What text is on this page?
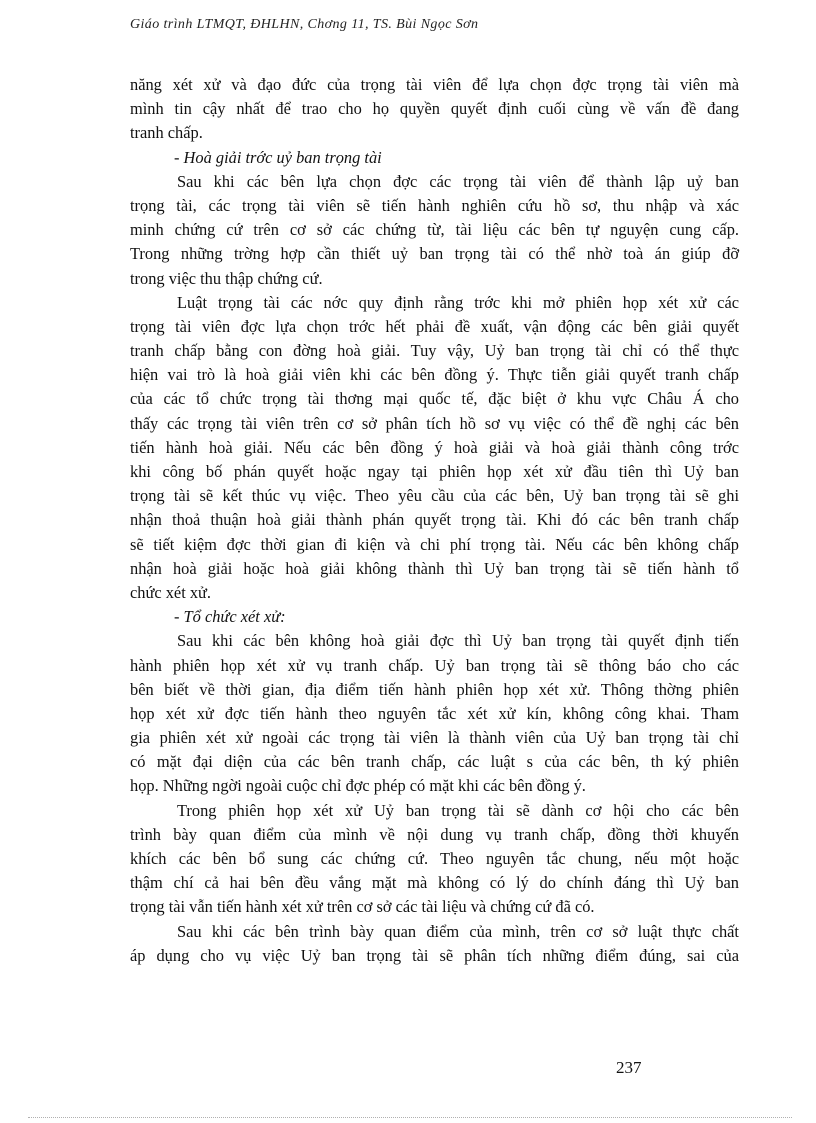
Giáo trình LTMQT, ĐHLHN, Chơng 11, TS. Bùi Ngọc Sơn
năng xét xử và đạo đức của trọng tài viên để lựa chọn đợc trọng tài viên mà
mình tin cậy nhất để trao cho họ quyền quyết định cuối cùng về vấn đề đang
tranh chấp.
- Hoà giải trớc uỷ ban trọng tài
Sau khi các bên lựa chọn đợc các trọng tài viên để thành lập uỷ ban
trọng tài, các trọng tài viên sẽ tiến hành nghiên cứu hồ sơ, thu nhập và xác
minh chứng cứ trên cơ sở các chứng từ, tài liệu các bên tự nguyện cung cấp.
Trong những trờng hợp cần thiết uỷ ban trọng tài có thể nhờ toà án giúp đỡ
trong việc thu thập chứng cứ.
Luật trọng tài các nớc quy định rằng trớc khi mở phiên họp xét xử các
trọng tài viên đợc lựa chọn trớc hết phải đề xuất, vận động các bên giải quyết
tranh chấp bằng con đờng hoà giải. Tuy vậy, Uỷ ban trọng tài chỉ có thể thực
hiện vai trò là hoà giải viên khi các bên đồng ý. Thực tiễn giải quyết tranh chấp
của các tổ chức trọng tài thơng mại quốc tế, đặc biệt ở khu vực Châu Á cho
thấy các trọng tài viên trên cơ sở phân tích hồ sơ vụ việc có thể đề nghị các bên
tiến hành hoà giải. Nếu các bên đồng ý hoà giải và hoà giải thành công trớc
khi công bố phán quyết hoặc ngay tại phiên họp xét xử đầu tiên thì Uỷ ban
trọng tài sẽ kết thúc vụ việc. Theo yêu cầu của các bên, Uỷ ban trọng tài sẽ ghi
nhận thoả thuận hoà giải thành phán quyết trọng tài. Khi đó các bên tranh chấp
sẽ tiết kiệm đợc thời gian đi kiện và chi phí trọng tài. Nếu các bên không chấp
nhận hoà giải hoặc hoà giải không thành thì Uỷ ban trọng tài sẽ tiến hành tổ
chức xét xử.
- Tổ chức xét xử:
Sau khi các bên không hoà giải đợc thì Uỷ ban trọng tài quyết định tiến
hành phiên họp xét xử vụ tranh chấp. Uỷ ban trọng tài sẽ thông báo cho các
bên biết về thời gian, địa điểm tiến hành phiên họp xét xử. Thông thờng phiên
họp xét xử đợc tiến hành theo nguyên tắc xét xử kín, không công khai. Tham
gia phiên xét xử ngoài các trọng tài viên là thành viên của Uỷ ban trọng tài chỉ
có mặt đại diện của các bên tranh chấp, các luật s của các bên, th ký phiên
họp. Những ngời ngoài cuộc chỉ đợc phép có mặt khi các bên đồng ý.
Trong phiên họp xét xử Uỷ ban trọng tài sẽ dành cơ hội cho các bên
trình bày quan điểm của mình về nội dung vụ tranh chấp, đồng thời khuyến
khích các bên bổ sung các chứng cứ. Theo nguyên tắc chung, nếu một hoặc
thậm chí cả hai bên đều vắng mặt mà không có lý do chính đáng thì Uỷ ban
trọng tài vẫn tiến hành xét xử trên cơ sở các tài liệu và chứng cứ đã có.
Sau khi các bên trình bày quan điểm của mình, trên cơ sở luật thực chất
áp dụng cho vụ việc Uỷ ban trọng tài sẽ phân tích những điểm đúng, sai của
237
